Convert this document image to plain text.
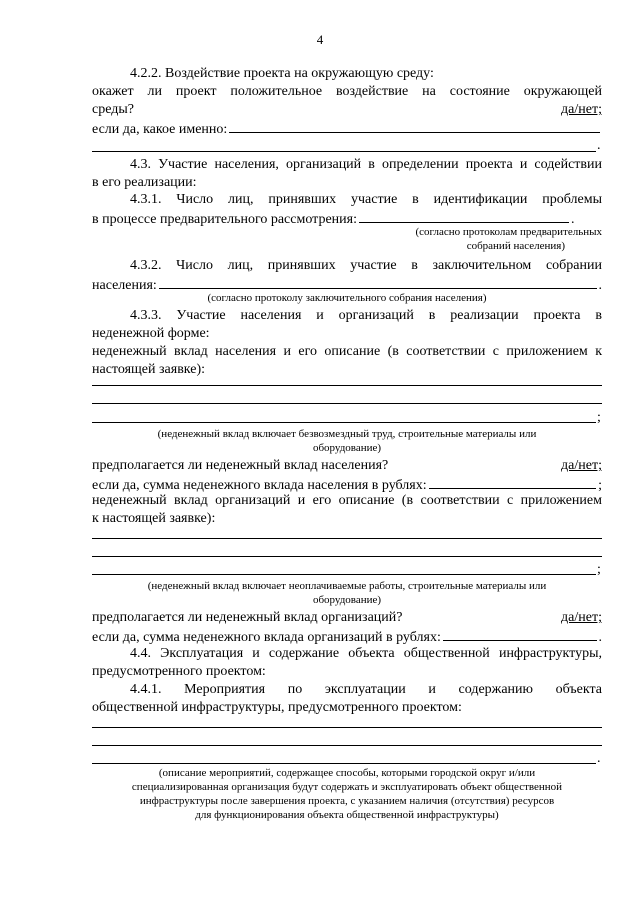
4
4.2.2. Воздействие проекта на окружающую среду:
окажет ли проект положительное воздействие на состояние окружающей
среды?	да/нет;
если да, какое именно:
.
4.3. Участие населения, организаций в определении проекта и содействии
в его реализации:
4.3.1. Число лиц, принявших участие в идентификации проблемы
в процессе предварительного рассмотрения:	.
(согласно протоколам предварительных
собраний населения)
4.3.2. Число лиц, принявших участие в заключительном собрании
населения:	.
(согласно протоколу заключительного собрания населения)
4.3.3. Участие населения и организаций в реализации проекта в
неденежной форме:
неденежный вклад населения и его описание (в соответствии с приложением к
настоящей заявке):
;
(неденежный вклад включает безвозмездный труд, строительные материалы или
оборудование)
предполагается ли неденежный вклад населения?	да/нет;
если да, сумма неденежного вклада населения в рублях:	;
неденежный вклад организаций и его описание (в соответствии с приложением
к настоящей заявке):
;
(неденежный вклад включает неоплачиваемые работы, строительные материалы или
оборудование)
предполагается ли неденежный вклад организаций?	да/нет;
если да, сумма неденежного вклада организаций в рублях:	.
4.4. Эксплуатация и содержание объекта общественной инфраструктуры,
предусмотренного проектом:
4.4.1. Мероприятия по эксплуатации и содержанию объекта
общественной инфраструктуры, предусмотренного проектом:
.
(описание мероприятий, содержащее способы, которыми городской округ и/или
специализированная организация будут содержать и эксплуатировать объект общественной
инфраструктуры после завершения проекта, с указанием наличия (отсутствия) ресурсов
для функционирования объекта общественной инфраструктуры)
